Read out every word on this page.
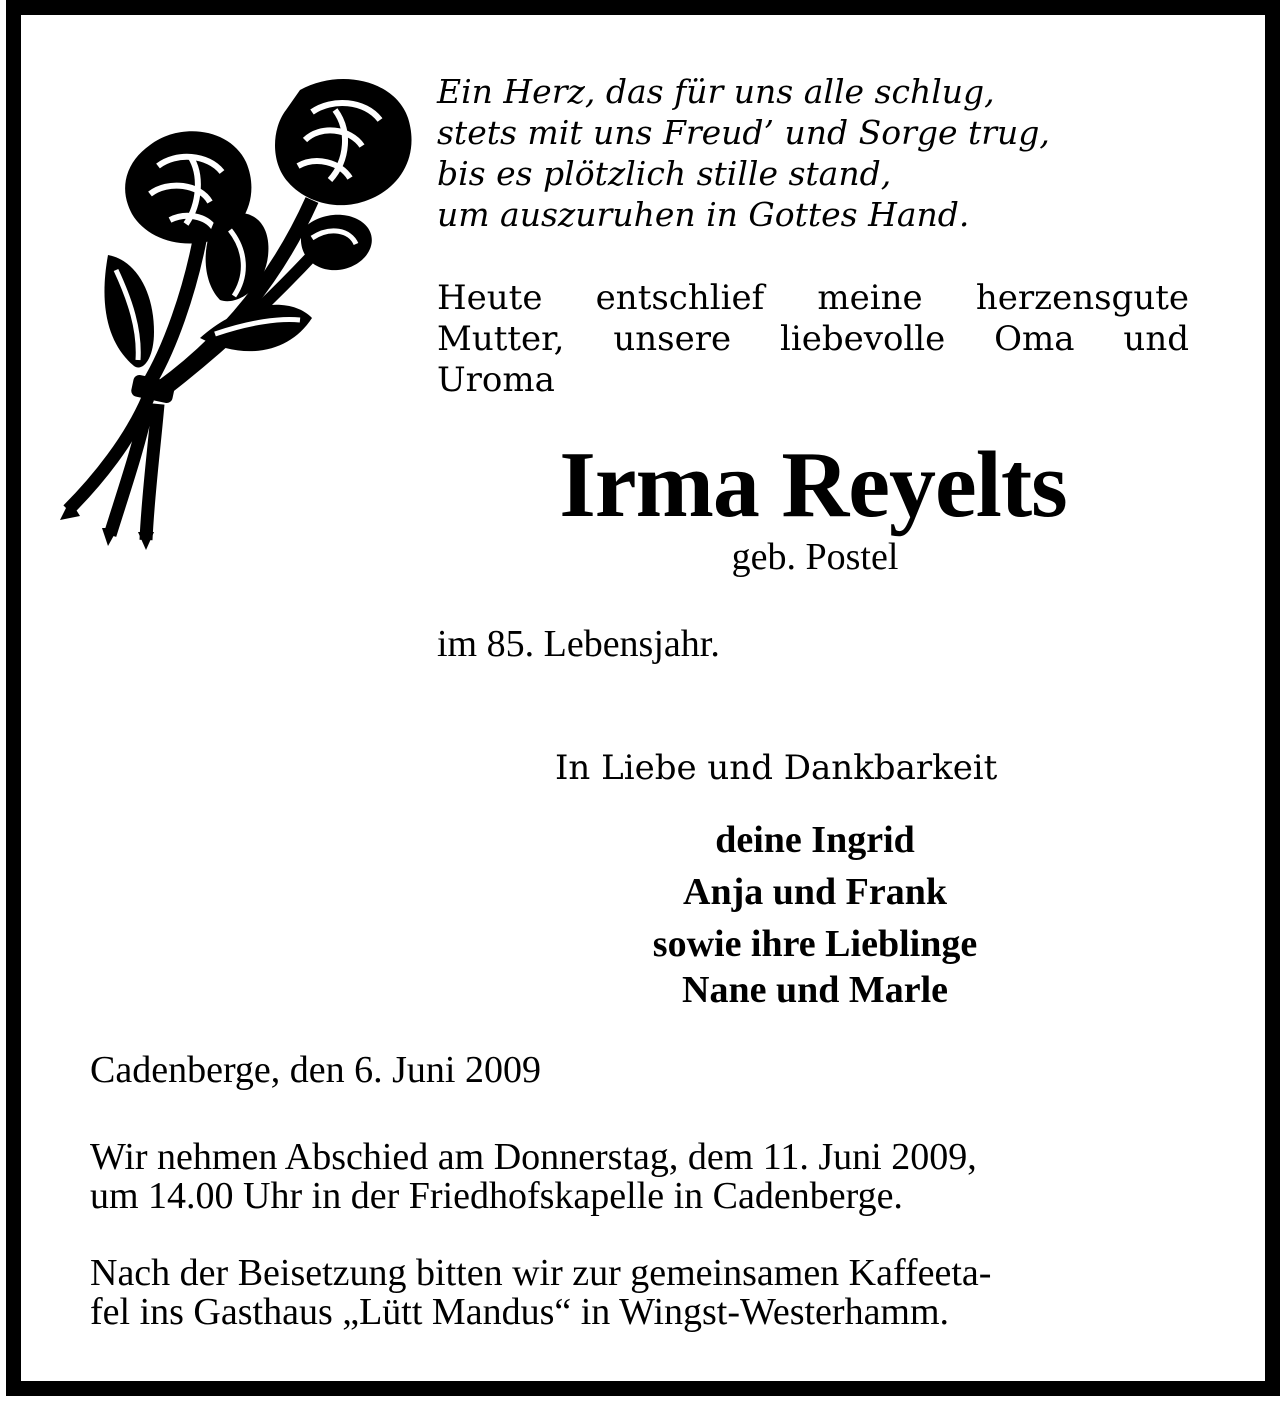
Ein Herz, das für uns alle schlug,
stets mit uns Freud’ und Sorge trug,
bis es plötzlich stille stand,
um auszuruhen in Gottes Hand.
Heute entschlief meine herzensgute
Mutter, unsere liebevolle Oma und
Uroma
Irma Reyelts
geb. Postel
im 85. Lebensjahr.
In Liebe und Dankbarkeit
deine Ingrid
Anja und Frank
sowie ihre Lieblinge
Nane und Marle
Cadenberge, den 6. Juni 2009
Wir nehmen Abschied am Donnerstag, dem 11. Juni 2009,
um 14.00 Uhr in der Friedhofskapelle in Cadenberge.
Nach der Beisetzung bitten wir zur gemeinsamen Kaffeeta-
fel ins Gasthaus „Lütt Mandus“ in Wingst-Westerhamm.
